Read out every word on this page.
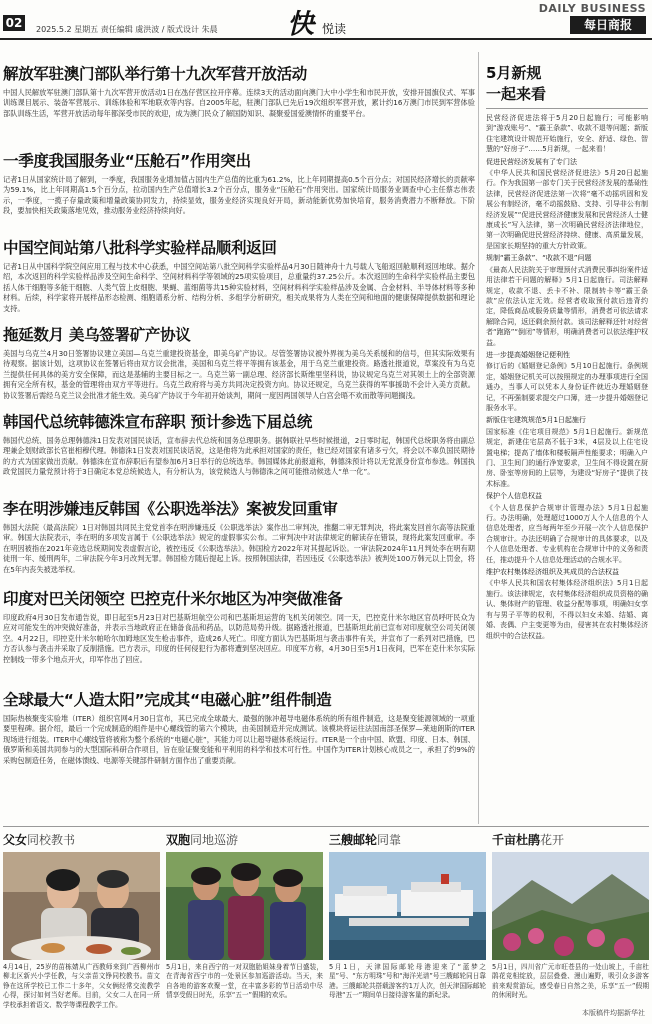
02	2025.5.2 星期五 责任编辑 虞洪波 / 版式设计 朱晨	快 悦读
DAILY BUSINESS
每日商报
解放军驻澳门部队举行第十九次军营开放活动
中国人民解放军驻澳门部队第十九次军营开放活动1日在氹仔营区拉开序幕。连续3天的活动面向澳门大中小学生和市民开放，安排开国旗仪式、军事训练课目展示、装备军营展示、训练体验和军地联欢等内容。自2005年起，驻澳门部队已先后19次组织军营开放，累计约16万澳门市民到军营体验部队训练生活，军营开放活动每年都深受市民的欢迎，成为澳门民众了解国防知识、凝聚爱国爱澳情怀的重要平台。
一季度我国服务业“压舱石”作用突出
记者1日从国家统计局了解到，一季度，我国服务业增加值占国内生产总值的比重为61.2%，比上年同期提高0.5个百分点；对国民经济增长的贡献率为59.1%，比上年同期高1.5个百分点，拉动国内生产总值增长3.2个百分点，服务业“压舱石”作用突出。国家统计局服务业调查中心主任蔡志伟表示，一季度，一揽子存量政策和增量政策协同发力，持续显效，服务业经济实现良好开局，新动能新优势加快培育，服务消费潜力不断释放。下阶段，要加快相关政策落地见效，推动服务业经济持续向好。
中国空间站第八批科学实验样品顺利返回
记者1日从中国科学院空间应用工程与技术中心获悉，中国空间站第八批空间科学实验样品4月30日随神舟十九号载人飞船返回舱顺利返回地球。据介绍，本次返回的科学实验样品涉及空间生命科学、空间材料科学等领域的25项实验项目，总重量约37.25公斤。本次返回的生命科学实验样品主要包括人体干细胞等多能干细胞、人类气管上皮细胞、果蝇、蓝细菌等共15种实验材料，空间材料科学实验样品涉及金属、合金材料、半导体材料等多种材料。后续，科学家将开展样品形态检测、细胞谱系分析、结构分析、多组学分析研究，相关成果将为人类在空间和地面的健康保障提供数据和理论支持。
拖延数月 美乌签署矿产协议
美国与乌克兰4月30日签署协议建立美国—乌克兰重建投资基金，即美乌矿产协议。尽管签署协议被外界视为美乌关系缓和的信号，但其实际效果有待观察。据该计划，这项协议在签署后将由双方议会批准，美国和乌克兰将平等拥有该基金，用于乌克兰重建投资。路透社报道说，草案没有为乌克兰提供任何具体的美方安全保障，而这是基辅的主要目标之一。乌克兰第一副总理、经济部长斯维里坚科说，协议规定乌克兰对其领土上的全部资源拥有完全所有权，基金的管理将由双方平等进行。乌克兰政府将与美方共同决定投资方向。协议还规定，乌克兰获得的军事援助不会计入美方贡献。协议签署后需经乌克兰议会批准才能生效。美乌矿产协议于今年初开始谈判，期间一度因两国领导人白宫会晤不欢而散等问题搁浅。
韩国代总统韩德洙宣布辞职 预计参选下届总统
韩国代总统、国务总理韩德洙1日发表对国民谈话，宣布辞去代总统和国务总理职务。据韩联社早些时候报道，2日零时起，韩国代总统职务将由副总理兼企划财政部长官崔相穆代理。韩德洙1日发表对国民谈话说，这是他将为此承担对国家的责任，他已经对国家有诸多亏欠，将会以不辜负国民期待的方式为国家做出贡献。韩德洙在宣布辞职后有望参加6月3日举行的总统选举。韩国媒体此前报道称，韩德洙预计将以无党派身份宣布参选。韩国执政党国民力量党预计将于3日确定本党总统候选人，有分析认为，该党候选人与韩德洙之间可能推动候选人“单一化”。
李在明涉嫌违反韩国《公职选举法》案被发回重审
韩国大法院（最高法院）1日对韩国共同民主党党首李在明涉嫌违反《公职选举法》案作出二审判决，推翻二审无罪判决，将此案发回首尔高等法院重审。韩国大法院表示，李在明的多项发言属于《公职选举法》规定的虚假事实公布。二审判决中对法律规定的解读存在错误，现将此案发回重审。李在明因被指在2021年竞选总统期间发表虚假言论，被控违反《公职选举法》。韩国检方2022年对其提起诉讼。一审法院2024年11月判处李在明有期徒刑一年、缓刑两年，二审法院今年3月改判无罪。韩国检方随后提起上诉。按照韩国法律，若因违反《公职选举法》被判处100万韩元以上罚金，将在5年内丧失被选举权。
印度对巴关闭领空 巴控克什米尔地区为冲突做准备
印度政府4月30日发布通告说，即日起至5月23日对巴基斯坦航空公司和巴基斯坦运营的飞机关闭领空。同一天，巴控克什米尔地区官员呼吁民众为应对可能发生的冲突做好准备，并表示当地政府正在储备食品和药品，以防范局势升级。据路透社报道，巴基斯坦此前已宣布对印度航空公司关闭领空。4月22日，印控克什米尔帕哈尔加姆地区发生枪击事件，造成26人死亡。印度方面认为巴基斯坦与袭击事件有关，并宣布了一系列对巴措施，巴方否认参与袭击并采取了反制措施。巴方表示，印度的任何侵犯行为都将遭到坚决回应。印度军方称，4月30日至5月1日夜间，巴军在克什米尔实际控制线一带多个地点开火，印军作出了回应。
全球最大“人造太阳”完成其“电磁心脏”组件制造
国际热核聚变实验堆（ITER）组织官网4月30日宣布，其已完成全球最大、最强的脉冲超导电磁体系统的所有组件制造，这是聚变能源领域的一项重要里程碑。据介绍，最后一个完成制造的组件是中心螺线管的第六个模块，由美国制造并完成测试。该模块将运往法国南部圣保罗—莱迪朗斯的ITER现场进行组装。ITER中心螺线管将被称为整个系统的“电磁心脏”，其能力可以让超导磁体系统运行。ITER是一个由中国、欧盟、印度、日本、韩国、俄罗斯和美国共同参与的大型国际科研合作项目，旨在验证聚变能和平利用的科学和技术可行性。中国作为ITER计划核心成员之一，承担了约9%的采购包制造任务，在磁体馈线、电源等关键部件研制方面作出了重要贡献。
5月新规
一起来看
民营经济促进法将于5月20日起施行；可能影响到“游戏账号”、“霸王条款”、收款不退等问题；新版住宅建筑设计规范开始施行，安全、舒适、绿色、智慧的“好房子”……5月新规，一起来看！
促进民营经济发展有了专门法
《中华人民共和国民营经济促进法》5月20日起施行。作为我国第一部专门关于民营经济发展的基础性法律，民营经济促进法第一次将“毫不动摇巩固和发展公有制经济，毫不动摇鼓励、支持、引导非公有制经济发展”“促进民营经济健康发展和民营经济人士健康成长”写入法律，第一次明确民营经济法律地位，第一次明确促进民营经济持续、健康、高质量发展，是国家长期坚持的重大方针政策。
规制“霸王条款”、“收款不退”问题
《最高人民法院关于审理预付式消费民事纠纷案件适用法律若干问题的解释》5月1日起施行。司法解释规定，收款不退、丢卡不补、限制转卡等“霸王条款”应依法认定无效。经营者收取预付款后违背约定，降低商品或服务质量等情形，消费者可依法请求解除合同，返还剩余预付款。该司法解释还针对经营者“跑路”“倒闭”等情形，明确消费者可以依法维护权益。
进一步提高婚姻登记便利性
修订后的《婚姻登记条例》5月10日起施行。条例规定，婚姻登记机关可以按照规定的办理事项进行全国通办，当事人可以凭本人身份证件就近办理婚姻登记，不再强制要求提交户口簿，进一步提升婚姻登记服务水平。
新版住宅建筑规范5月1日起施行
国家标准《住宅项目规范》5月1日起施行。新规范规定，新建住宅层高不低于3米，4层及以上住宅设置电梯；提高了墙体和楼板隔声性能要求；明确入户门、卫生间门的通行净宽要求，卫生间不得设置在厨房、卧室等房间的上层等，为建设“好房子”提供了技术标准。
保护个人信息权益
《个人信息保护合规审计管理办法》5月1日起施行。办法明确，处理超过1000万人个人信息的个人信息处理者，应当每两年至少开展一次个人信息保护合规审计。办法还明确了合规审计的具体要求，以及个人信息处理者、专业机构在合规审计中的义务和责任，推动提升个人信息处理活动的合规水平。
维护农村集体经济组织及其成员的合法权益
《中华人民共和国农村集体经济组织法》5月1日起施行。该法律规定，农村集体经济组织成员资格的确认、集体财产的管理、收益分配等事项，明确妇女享有与男子平等的权利，不得以妇女未婚、结婚、离婚、丧偶、户主变更等为由，侵害其在农村集体经济组织中的合法权益。
父女同校教书
4月14日，25岁的苗栋婧从广西教师来到广西柳州市柳北区新兴小学任教，与父亲苗文铮同校教书。苗文铮在这所学校已工作二十多年，父女俩经常交流教学心得，探讨如何当好老师。目前，父女二人在同一所学校承担着语文、数学等课程教学工作。
双胞同地巡游
5月1日，来自西宁的一对双胞胎姐妹身着节日盛装，在青海省西宁市的一处景区参加巡游活动。当天，来自各地的游客欢聚一堂，在丰富多彩的节日活动中尽情享受假日时光，乐享“五一”假期的欢乐。
三艘邮轮同靠
5月1日，天津国际邮轮母港迎来了“蓝梦之星”号、“东方明珠”号和“海洋光谱”号三艘邮轮同日靠港。三艘邮轮共搭载游客约1万人次，创天津国际邮轮母港“五一”期间单日接待游客量的新纪录。
千亩杜鹃花开
5月1日，四川省广元市旺苍县的一处山坡上，千亩杜鹃花竞相绽放，层层叠叠、漫山遍野，吸引众多游客前来观赏游玩，感受春日自然之美，乐享“五一”假期的休闲时光。
本版稿件均据新华社
